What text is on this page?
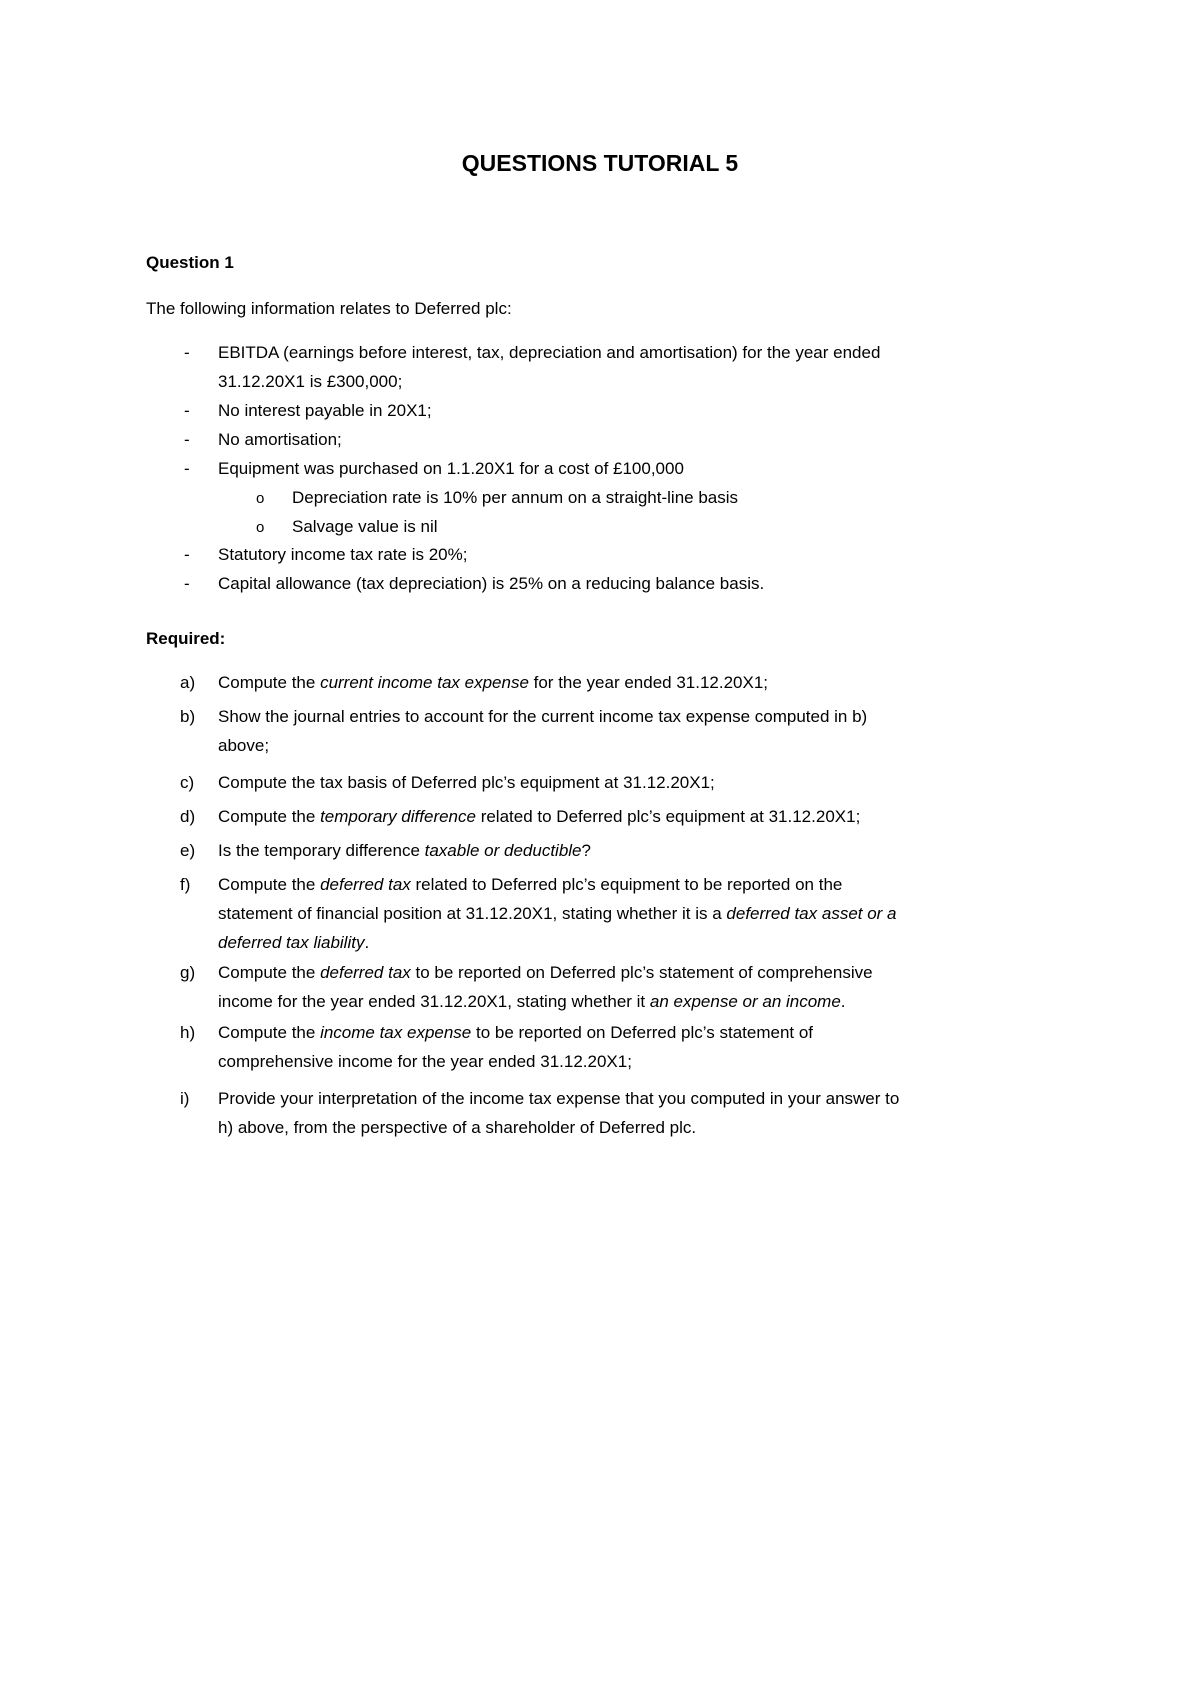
QUESTIONS TUTORIAL 5
Question 1
The following information relates to Deferred plc:
- EBITDA (earnings before interest, tax, depreciation and amortisation) for the year ended
31.12.20X1 is £300,000;
- No interest payable in 20X1;
- No amortisation;
- Equipment was purchased on 1.1.20X1 for a cost of £100,000
- Statutory income tax rate is 20%;
- Capital allowance (tax depreciation) is 25% on a reducing balance basis.
o Depreciation rate is 10% per annum on a straight-line basis
o Salvage value is nil
Required:
a) Compute the current income tax expense for the year ended 31.12.20X1;
b) Show the journal entries to account for the current income tax expense computed in b)
above;
c) Compute the tax basis of Deferred plc’s equipment at 31.12.20X1;
d) Compute the temporary difference related to Deferred plc’s equipment at 31.12.20X1;
e) Is the temporary difference taxable or deductible?
f) Compute the deferred tax related to Deferred plc’s equipment to be reported on the
statement of financial position at 31.12.20X1, stating whether it is a deferred tax asset or a
deferred tax liability.
g) Compute the deferred tax to be reported on Deferred plc’s statement of comprehensive
income for the year ended 31.12.20X1, stating whether it an expense or an income.
h) Compute the income tax expense to be reported on Deferred plc’s statement of
comprehensive income for the year ended 31.12.20X1;
i) Provide your interpretation of the income tax expense that you computed in your answer to
h) above, from the perspective of a shareholder of Deferred plc.
